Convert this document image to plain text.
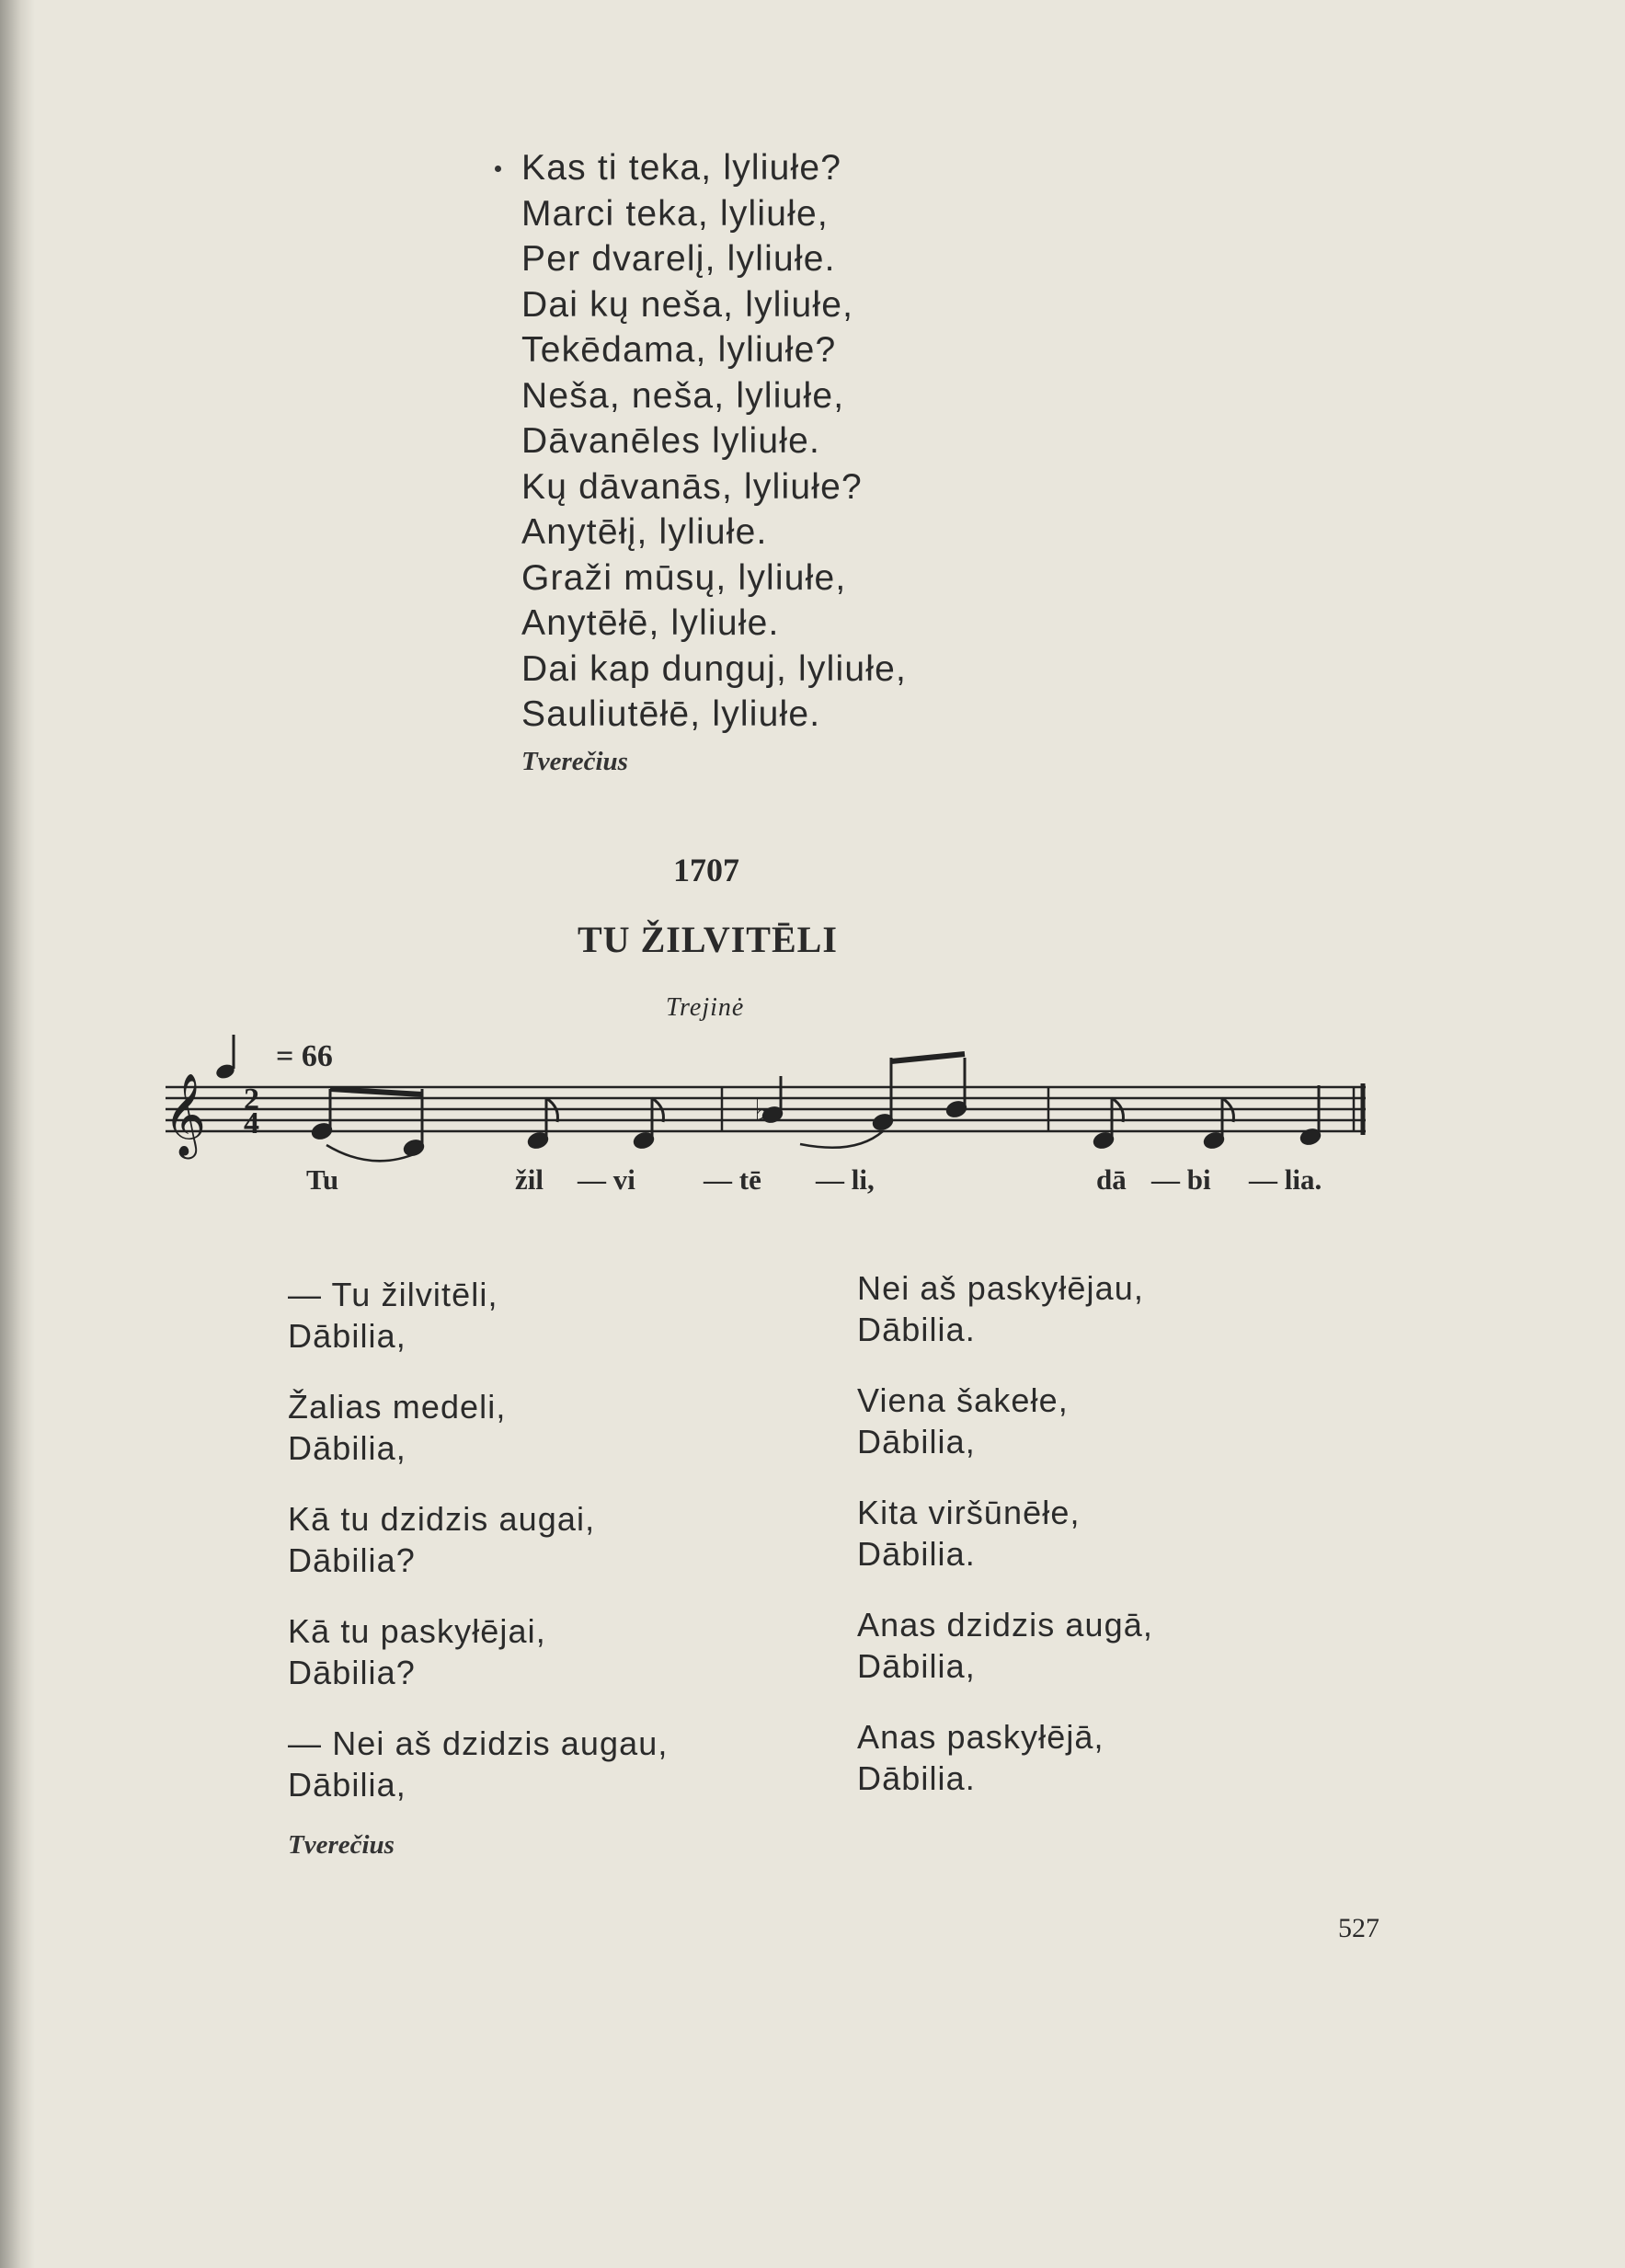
Kas ti teka, lyliułe?
Marci teka, lyliułe,
Per dvarelį, lyliułe.
Dai kų neša, lyliułe,
Tekēdama, lyliułe?
Neša, neša, lyliułe,
Dāvanēles lyliułe.
Kų dāvanās, lyliułe?
Anytēłį, lyliułe.
Graži mūsų, lyliułe,
Anytēłē, lyliułe.
Dai kap dunguj, lyliułe,
Sauliutēłē, lyliułe.
Tverečius
1707
TU ŽILVITĒLI
Trejinė
𝄞	♭
2
4
= 66
Tu	žil — vi — tē — li,	dā — bi — lia.
— Tu žilvitēli,
Dābilia,
Žalias medeli,
Dābilia,
Kā tu dzidzis augai,
Dābilia?
Kā tu paskyłējai,
Dābilia?
— Nei aš dzidzis augau,
Dābilia,
Nei aš paskyłējau,
Dābilia.
Viena šakełe,
Dābilia,
Kita viršūnēłe,
Dābilia.
Anas dzidzis augā,
Dābilia,
Anas paskyłējā,
Dābilia.
Tverečius
527
